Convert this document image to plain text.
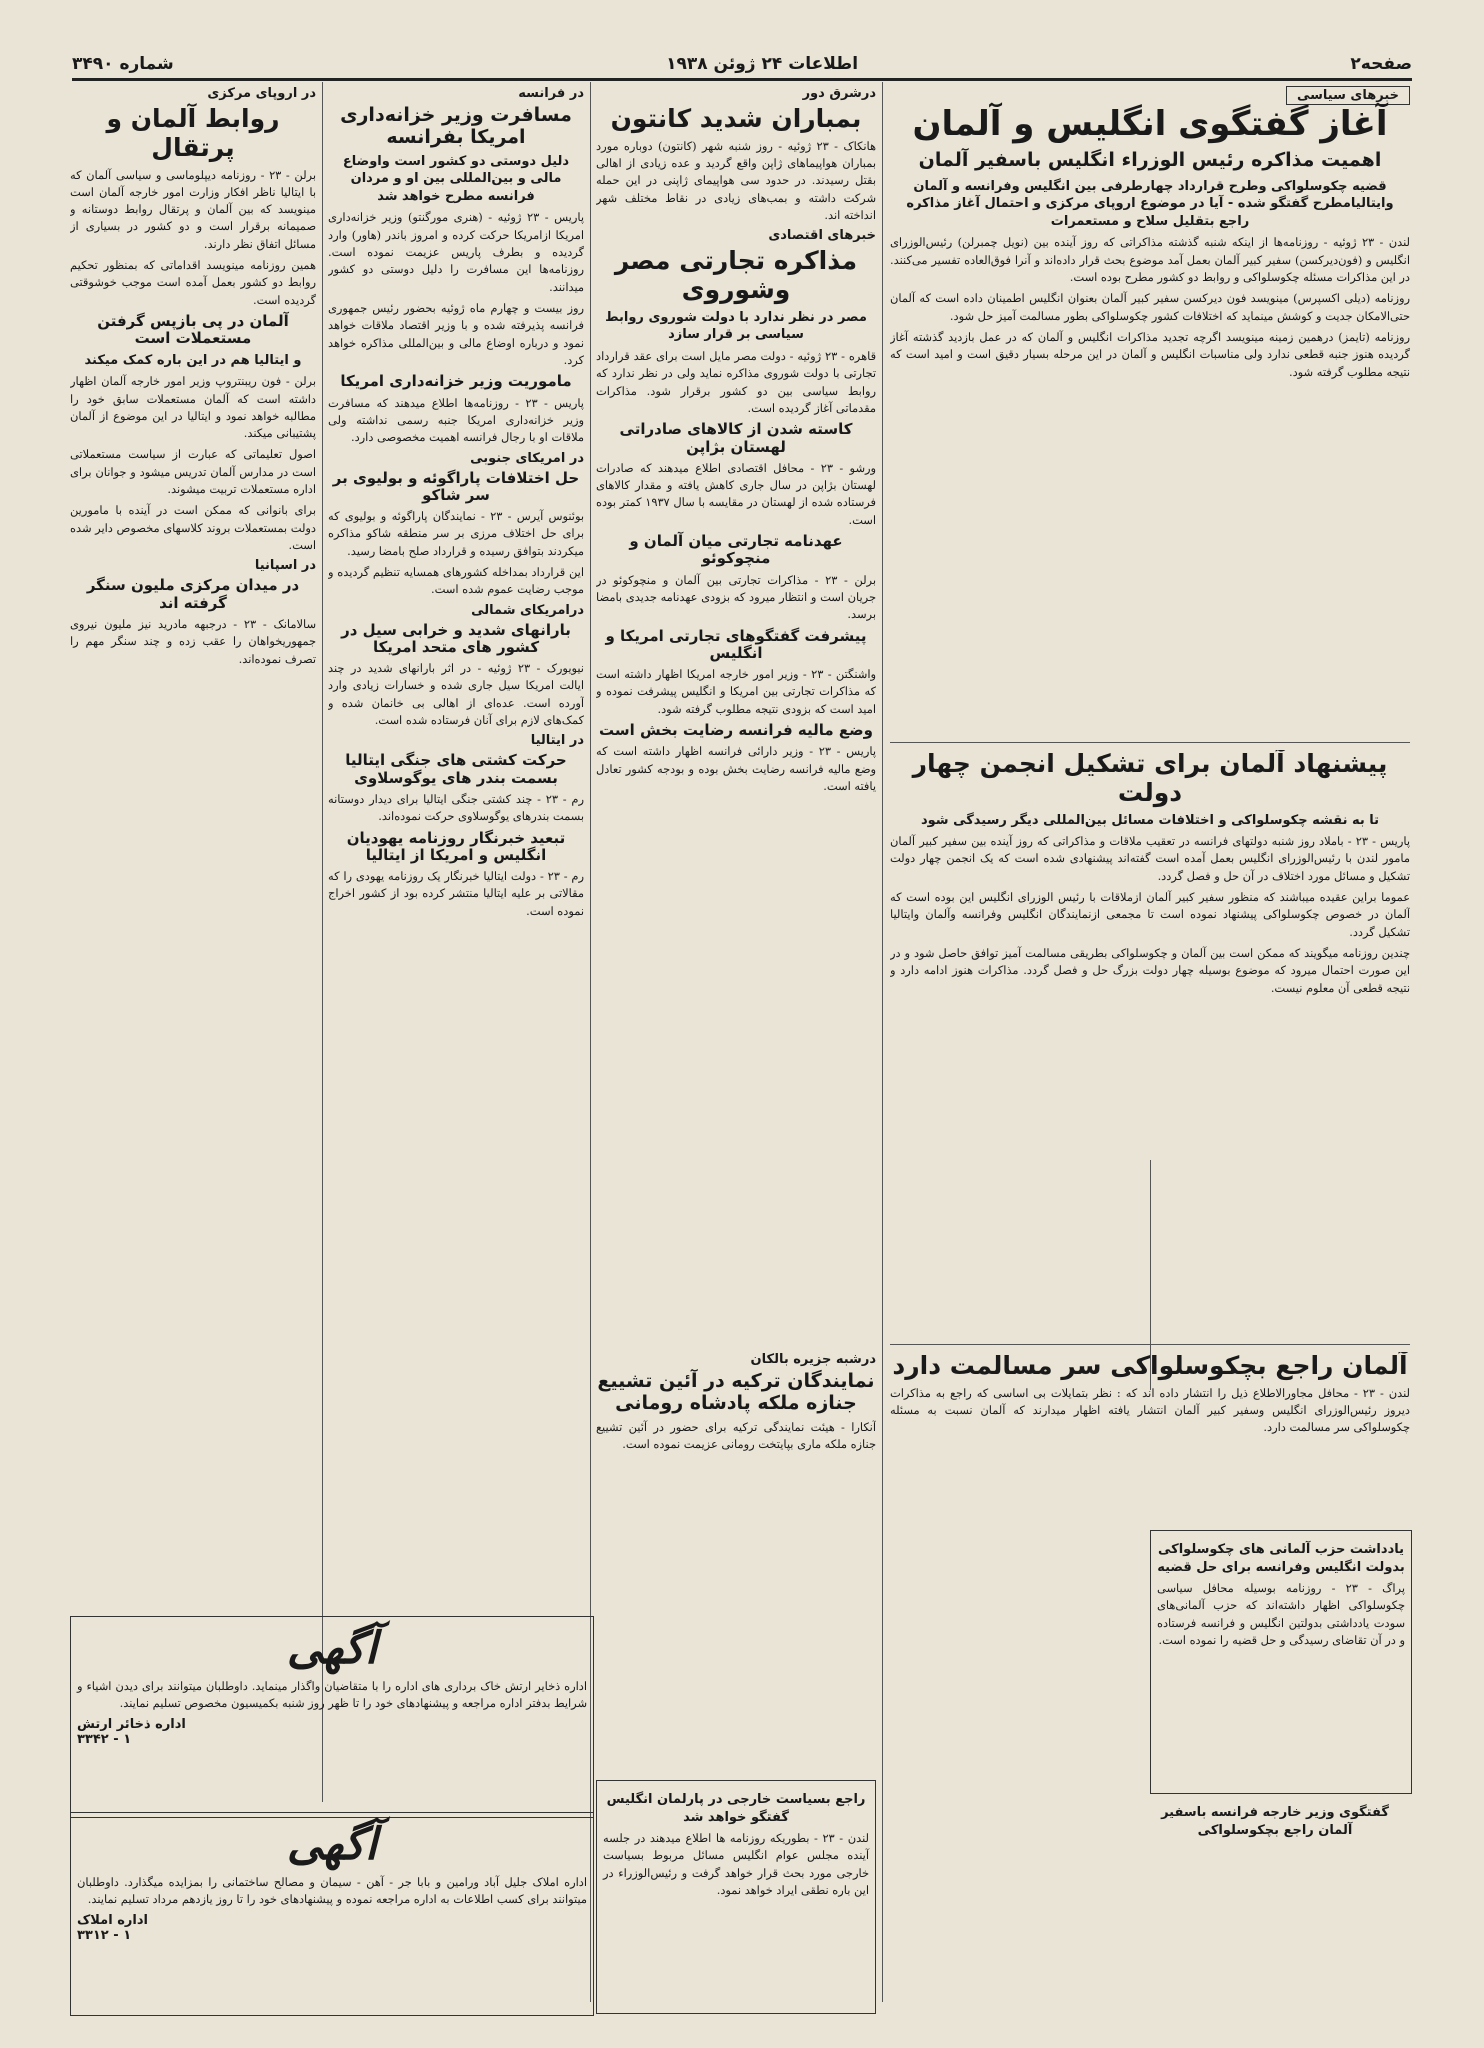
صفحه۲
اطلاعات ۲۴ ژوئن ۱۹۳۸
شماره ۳۴۹۰
خبرهای سیاسی
آغاز گفتگوی انگلیس و آلمان
اهمیت مذاکره رئیس الوزراء انگلیس باسفیر آلمان
قضیه چکوسلواکی وطرح قرارداد چهارطرفی بین انگلیس وفرانسه و آلمان وایتالیامطرح گفتگو شده - آیا در موضوع اروپای مرکزی و احتمال آغاز مذاکره راجع بتقلیل سلاح و مستعمرات

لندن - ۲۳ ژوئیه - روزنامه‌ها از اینکه شنبه گذشته مذاکراتی که روز آینده بین (نویل چمبرلن) رئیس‌الوزرای انگلیس و (فون‌دیرکسن) سفیر کبیر آلمان بعمل آمد موضوع بحث قرار داده‌اند و آنرا فوق‌العاده تفسیر می‌کنند. در این مذاکرات مسئله چکوسلواکی و روابط دو کشور مطرح بوده است.

روزنامه (دیلی اکسپرس) مینویسد فون دیرکسن سفیر کبیر آلمان بعنوان انگلیس اطمینان داده است که آلمان حتی‌الامکان جدیت و کوشش مینماید که اختلافات کشور چکوسلواکی بطور مسالمت آمیز حل شود.

روزنامه (تایمز) درهمین زمینه مینویسد اگرچه تجدید مذاکرات انگلیس و آلمان که در عمل بازدید گذشته آغاز گردیده هنوز جنبه قطعی ندارد ولی مناسبات انگلیس و آلمان در این مرحله بسیار دقیق است و امید است که نتیجه مطلوب گرفته شود.

پیشنهاد آلمان برای تشکیل انجمن چهار دولت
تا به نقشه چکوسلواکی و اختلافات مسائل بین‌المللی دیگر رسیدگی شود

پاریس - ۲۳ - باملاد روز شنبه دولتهای فرانسه در تعقیب ملاقات و مذاکراتی که روز آینده بین سفیر کبیر آلمان مامور لندن با رئیس‌الوزرای انگلیس بعمل آمده است گفته‌اند پیشنهادی شده است که یک انجمن چهار دولت تشکیل و مسائل مورد اختلاف در آن حل و فصل گردد.

عموما براین عقیده میباشند که منظور سفیر کبیر آلمان ازملاقات با رئیس الوزرای انگلیس این بوده است که آلمان در خصوص چکوسلواکی پیشنهاد نموده است تا مجمعی ازنمایندگان انگلیس وفرانسه وآلمان وایتالیا تشکیل گردد.

چندین روزنامه میگویند که ممکن است بین آلمان و چکوسلواکی بطریقی مسالمت آمیز توافق حاصل شود و در این صورت احتمال میرود که موضوع بوسیله چهار دولت بزرگ حل و فصل گردد. مذاکرات هنوز ادامه دارد و نتیجه قطعی آن معلوم نیست.

آلمان راجع بچکوسلواکی سر مسالمت دارد

لندن - ۲۳ - محافل مجاورالاطلاع ذیل را انتشار داده اند که : نظر بتمایلات بی اساسی که راجع به مذاکرات دیروز رئیس‌الوزرای انگلیس وسفیر کبیر آلمان انتشار یافته اظهار میدارند که آلمان نسبت به مسئله چکوسلواکی سر مسالمت دارد.

یادداشت حزب آلمانی های چکوسلواکی بدولت انگلیس وفرانسه برای حل قضیه

پراگ - ۲۳ - روزنامه بوسیله محافل سیاسی چکوسلواکی اظهار داشته‌اند که حزب آلمانی‌های سودت یادداشتی بدولتین انگلیس و فرانسه فرستاده و در آن تقاضای رسیدگی و حل قضیه را نموده است.

گفتگوی وزیر خارجه فرانسه باسفیر آلمان راجع بچکوسلواکی
درشرق دور
بمباران شدید کانتون

هانکاک - ۲۳ ژوئیه - روز شنبه شهر (کانتون) دوباره مورد بمباران هواپیماهای ژاپن واقع گردید و عده زیادی از اهالی بقتل رسیدند. در حدود سی هواپیمای ژاپنی در این حمله شرکت داشته و بمب‌های زیادی در نقاط مختلف شهر انداخته اند.

خبرهای اقتصادی
مذاکره تجارتی مصر وشوروی
مصر در نظر ندارد با دولت شوروی روابط سیاسی بر قرار سازد

قاهره - ۲۳ ژوئیه - دولت مصر مایل است برای عقد قرارداد تجارتی با دولت شوروی مذاکره نماید ولی در نظر ندارد که روابط سیاسی بین دو کشور برقرار شود. مذاکرات مقدماتی آغاز گردیده است.

کاسته شدن از کالاهای صادراتی لهستان بژاپن

ورشو - ۲۳ - محافل اقتصادی اطلاع میدهند که صادرات لهستان بژاپن در سال جاری کاهش یافته و مقدار کالاهای فرستاده شده از لهستان در مقایسه با سال ۱۹۳۷ کمتر بوده است.

عهدنامه تجارتی میان آلمان و منچوکوئو

برلن - ۲۳ - مذاکرات تجارتی بین آلمان و منچوکوئو در جریان است و انتظار میرود که بزودی عهدنامه جدیدی بامضا برسد.

پیشرفت گفتگوهای تجارتی امریکا و انگلیس

واشنگتن - ۲۳ - وزیر امور خارجه امریکا اظهار داشته است که مذاکرات تجارتی بین امریکا و انگلیس پیشرفت نموده و امید است که بزودی نتیجه مطلوب گرفته شود.

وضع مالیه فرانسه رضایت بخش است

پاریس - ۲۳ - وزیر دارائی فرانسه اظهار داشته است که وضع مالیه فرانسه رضایت بخش بوده و بودجه کشور تعادل یافته است.

درشبه جزیره بالکان
نمایندگان ترکیه در آئین تشییع جنازه ملکه پادشاه رومانی

آنکارا - هیئت نمایندگی ترکیه برای حضور در آئین تشییع جنازه ملکه ماری بپایتخت رومانی عزیمت نموده است.

راجع بسیاست خارجی در پارلمان انگلیس گفتگو خواهد شد

لندن - ۲۳ - بطوریکه روزنامه ها اطلاع میدهند در جلسه آینده مجلس عوام انگلیس مسائل مربوط بسیاست خارجی مورد بحث قرار خواهد گرفت و رئیس‌الوزراء در این باره نطقی ایراد خواهد نمود.

در فرانسه
مسافرت وزیر خزانه‌داری امریکا بفرانسه
دلیل دوستی دو کشور است واوضاع مالی و بین‌المللی بین او و مردان فرانسه مطرح خواهد شد

پاریس - ۲۳ ژوئیه - (هنری مورگنتو) وزیر خزانه‌داری امریکا ازامریکا حرکت کرده و امروز باندر (هاور) وارد گردیده و بطرف پاریس عزیمت نموده است. روزنامه‌ها این مسافرت را دلیل دوستی دو کشور میدانند.

روز بیست و چهارم ماه ژوئیه بحضور رئیس جمهوری فرانسه پذیرفته شده و با وزیر اقتصاد ملاقات خواهد نمود و درباره اوضاع مالی و بین‌المللی مذاکره خواهد کرد.

ماموریت وزیر خزانه‌داری امریکا

پاریس - ۲۳ - روزنامه‌ها اطلاع میدهند که مسافرت وزیر خزانه‌داری امریکا جنبه رسمی نداشته ولی ملاقات او با رجال فرانسه اهمیت مخصوصی دارد.

در امریکای جنوبی
حل اختلافات پاراگوئه و بولیوی بر سر شاکو

بوئنوس آیرس - ۲۳ - نمایندگان پاراگوئه و بولیوی که برای حل اختلاف مرزی بر سر منطقه شاکو مذاکره میکردند بتوافق رسیده و قرارداد صلح بامضا رسید.

این قرارداد بمداخله کشورهای همسایه تنظیم گردیده و موجب رضایت عموم شده است.

درامریکای شمالی
بارانهای شدید و خرابی سیل در کشور های متحد امریکا

نیویورک - ۲۳ ژوئیه - در اثر بارانهای شدید در چند ایالت امریکا سیل جاری شده و خسارات زیادی وارد آورده است. عده‌ای از اهالی بی خانمان شده و کمک‌های لازم برای آنان فرستاده شده است.

در ایتالیا
حرکت کشتی های جنگی ایتالیا بسمت بندر های یوگوسلاوی

رم - ۲۳ - چند کشتی جنگی ایتالیا برای دیدار دوستانه بسمت بندرهای یوگوسلاوی حرکت نموده‌اند.

تبعید خبرنگار روزنامه یهودیان انگلیس و امریکا از ایتالیا

رم - ۲۳ - دولت ایتالیا خبرنگار یک روزنامه یهودی را که مقالاتی بر علیه ایتالیا منتشر کرده بود از کشور اخراج نموده است.

در اروپای مرکزی
روابط آلمان و پرتقال

برلن - ۲۳ - روزنامه دیپلوماسی و سیاسی آلمان که با ایتالیا ناظر افکار وزارت امور خارجه آلمان است مینویسد که بین آلمان و پرتقال روابط دوستانه و صمیمانه برقرار است و دو کشور در بسیاری از مسائل اتفاق نظر دارند.

همین روزنامه مینویسد اقداماتی که بمنظور تحکیم روابط دو کشور بعمل آمده است موجب خوشوقتی گردیده است.

آلمان در پی بازپس گرفتن مستعملات است
و ایتالیا هم در این باره کمک میکند

برلن - فون ریبنتروپ وزیر امور خارجه آلمان اظهار داشته است که آلمان مستعملات سابق خود را مطالبه خواهد نمود و ایتالیا در این موضوع از آلمان پشتیبانی میکند.

اصول تعلیماتی که عبارت از سیاست مستعملاتی است در مدارس آلمان تدریس میشود و جوانان برای اداره مستعملات تربیت میشوند.

برای بانوانی که ممکن است در آینده با مامورین دولت بمستعملات بروند کلاسهای مخصوص دایر شده است.

در اسپانیا
در میدان مرکزی ملیون سنگر گرفته اند

سالامانک - ۲۳ - درجبهه مادرید نیز ملیون نیروی جمهوریخواهان را عقب زده و چند سنگر مهم را تصرف نموده‌اند.

آگهی

اداره ذخایر ارتش خاک برداری های اداره را با متقاضیان واگذار مینماید. داوطلبان میتوانند برای دیدن اشیاء و شرایط بدفتر اداره مراجعه و پیشنهادهای خود را تا ظهر روز شنبه بکمیسیون مخصوص تسلیم نمایند.

اداره ذخائر ارتش
۱ - ۳۳۴۲
آگهی

اداره املاک جلیل آباد ورامین و بابا جر - آهن - سیمان و مصالح ساختمانی را بمزایده میگذارد. داوطلبان میتوانند برای کسب اطلاعات به اداره مراجعه نموده و پیشنهادهای خود را تا روز یازدهم مرداد تسلیم نمایند.

اداره املاک
۱ - ۳۳۱۲
